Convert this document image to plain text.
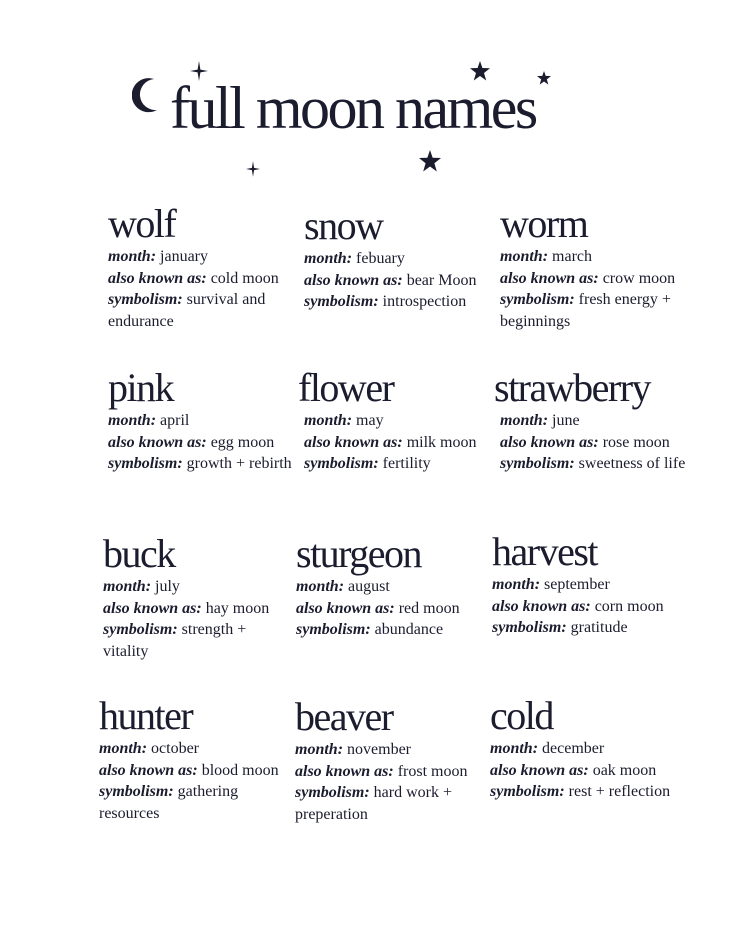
full moon names
wolf

month: january

also known as: cold moon

symbolism: survival and endurance

snow

month: febuary

also known as: bear Moon

symbolism: introspection

worm

month: march

also known as: crow moon

symbolism: fresh energy + beginnings

pink

month: april

also known as: egg moon

symbolism: growth + rebirth

flower

month: may

also known as: milk moon

symbolism: fertility

strawberry

month: june

also known as: rose moon

symbolism: sweetness of life

buck

month: july

also known as: hay moon

symbolism: strength + vitality

sturgeon

month: august

also known as: red moon

symbolism: abundance

harvest

month: september

also known as: corn moon

symbolism: gratitude

hunter

month: october

also known as: blood moon

symbolism: gathering resources

beaver

month: november

also known as: frost moon

symbolism: hard work + preperation

cold

month: december

also known as: oak moon

symbolism: rest + reflection
